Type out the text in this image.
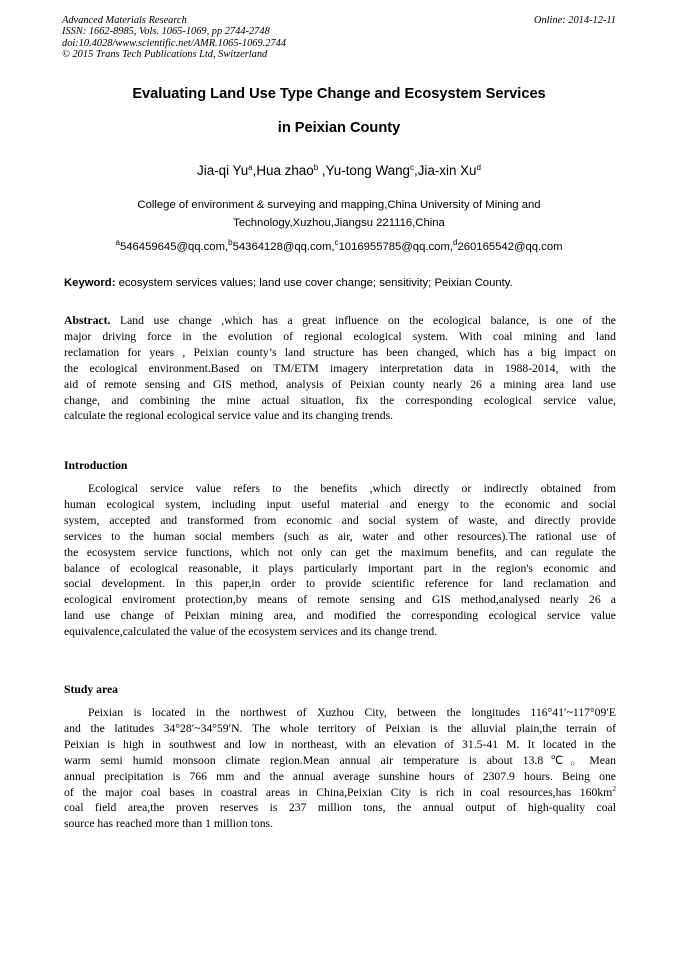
Advanced Materials Research
ISSN: 1662-8985, Vols. 1065-1069, pp 2744-2748
doi:10.4028/www.scientific.net/AMR.1065-1069.2744
© 2015 Trans Tech Publications Ltd, Switzerland
Online: 2014-12-11
Evaluating Land Use Type Change and Ecosystem Services
in Peixian County
Jia-qi Yu$^a$,Hua zhao$^b$ ,Yu-tong Wang$^c$,Jia-xin Xu$^d$
College of environment & surveying and mapping,China University of Mining and
Technology,Xuzhou,Jiangsu 221116,China
$^a$546459645@qq.com,$^b$54364128@qq.com,$^c$1016955785@qq.com,$^d$260165542@qq.com
Keyword: ecosystem services values; land use cover change; sensitivity; Peixian County.
Abstract. Land use change ,which has a great influence on the ecological balance, is one of the
major driving force in the evolution of regional ecological system. With coal mining and land
reclamation for years , Peixian county’s land structure has been changed, which has a big impact on
the ecological environment.Based on TM/ETM imagery interpretation data in 1988-2014, with the
aid of remote sensing and GIS method, analysis of Peixian county nearly 26 a mining area land use
change, and combining the mine actual situation, fix the corresponding ecological service value,
calculate the regional ecological service value and its changing trends.
Introduction
Ecological service value refers to the benefits ,which directly or indirectly obtained from
human ecological system, including input useful material and energy to the economic and social
system, accepted and transformed from economic and social system of waste, and directly provide
services to the human social members (such as air, water and other resources).The rational use of
the ecosystem service functions, which not only can get the maximum benefits, and can regulate the
balance of ecological reasonable, it plays particularly important part in the region's economic and
social development. In this paper,in order to provide scientific reference for land reclamation and
ecological enviroment protection,by means of remote sensing and GIS method,analysed nearly 26 a
land use change of Peixian mining area, and modified the corresponding ecological service value
equivalence,calculated the value of the ecosystem services and its change trend.
Study area
Peixian is located in the northwest of Xuzhou City, between the longitudes 116°41′~117°09′E
and the latitudes 34°28′~34°59′N. The whole territory of Peixian is the alluvial plain,the terrain of
Peixian is high in southwest and low in northeast, with an elevation of 31.5-41 M. It located in the
warm semi humid monsoon climate region.Mean annual air temperature is about 13.8℃。Mean
annual precipitation is 766 mm and the annual average sunshine hours of 2307.9 hours. Being one
of the major coal bases in coastral areas in China,Peixian City is rich in coal resources,has $160km^2$
coal field area,the proven reserves is 237 million tons, the annual output of high-quality coal
source has reached more than 1 million tons.
